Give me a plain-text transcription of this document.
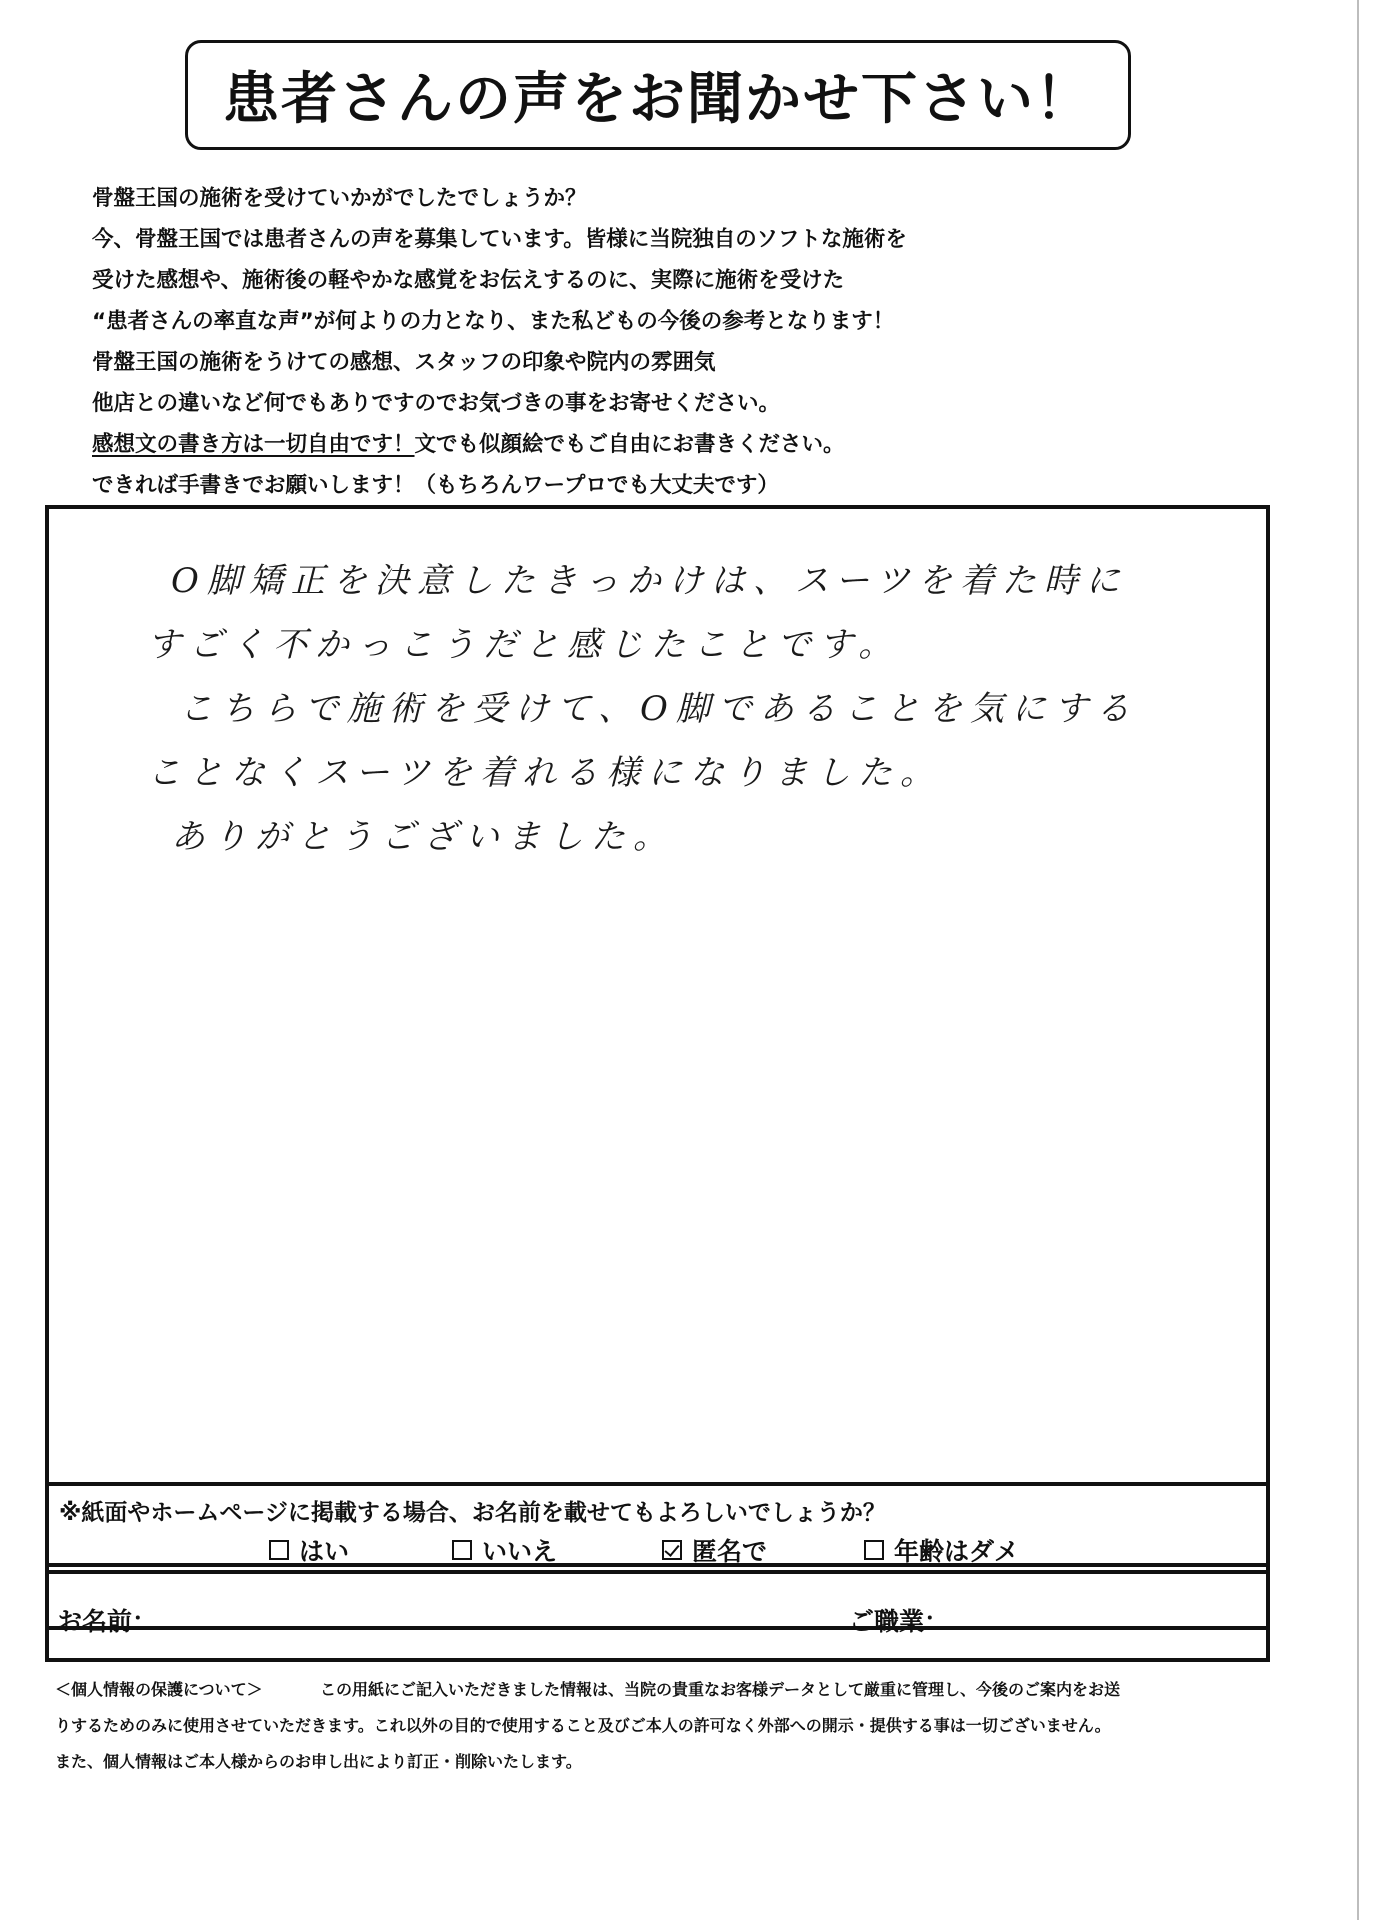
患者さんの声をお聞かせ下さい！
骨盤王国の施術を受けていかがでしたでしょうか？
今、骨盤王国では患者さんの声を募集しています。皆様に当院独自のソフトな施術を
受けた感想や、施術後の軽やかな感覚をお伝えするのに、実際に施術を受けた
“患者さんの率直な声”が何よりの力となり、また私どもの今後の参考となります！
骨盤王国の施術をうけての感想、スタッフの印象や院内の雰囲気
他店との違いなど何でもありですのでお気づきの事をお寄せください。
感想文の書き方は一切自由です！文でも似顔絵でもご自由にお書きください。
できれば手書きでお願いします！（もちろんワープロでも大丈夫です）
O脚矯正を決意したきっかけは、スーツを着た時に
すごく不かっこうだと感じたことです。
こちらで施術を受けて、O脚であることを気にする
ことなくスーツを着れる様になりました。
ありがとうございました。
※紙面やホームページに掲載する場合、お名前を載せてもよろしいでしょうか？
はい	いいえ	匿名で	年齢はダメ
お名前：	ご職業：
＜個人情報の保護について＞	この用紙にご記入いただきました情報は、当院の貴重なお客様データとして厳重に管理し、今後のご案内をお送
りするためのみに使用させていただきます。これ以外の目的で使用すること及びご本人の許可なく外部への開示・提供する事は一切ございません。
また、個人情報はご本人様からのお申し出により訂正・削除いたします。
